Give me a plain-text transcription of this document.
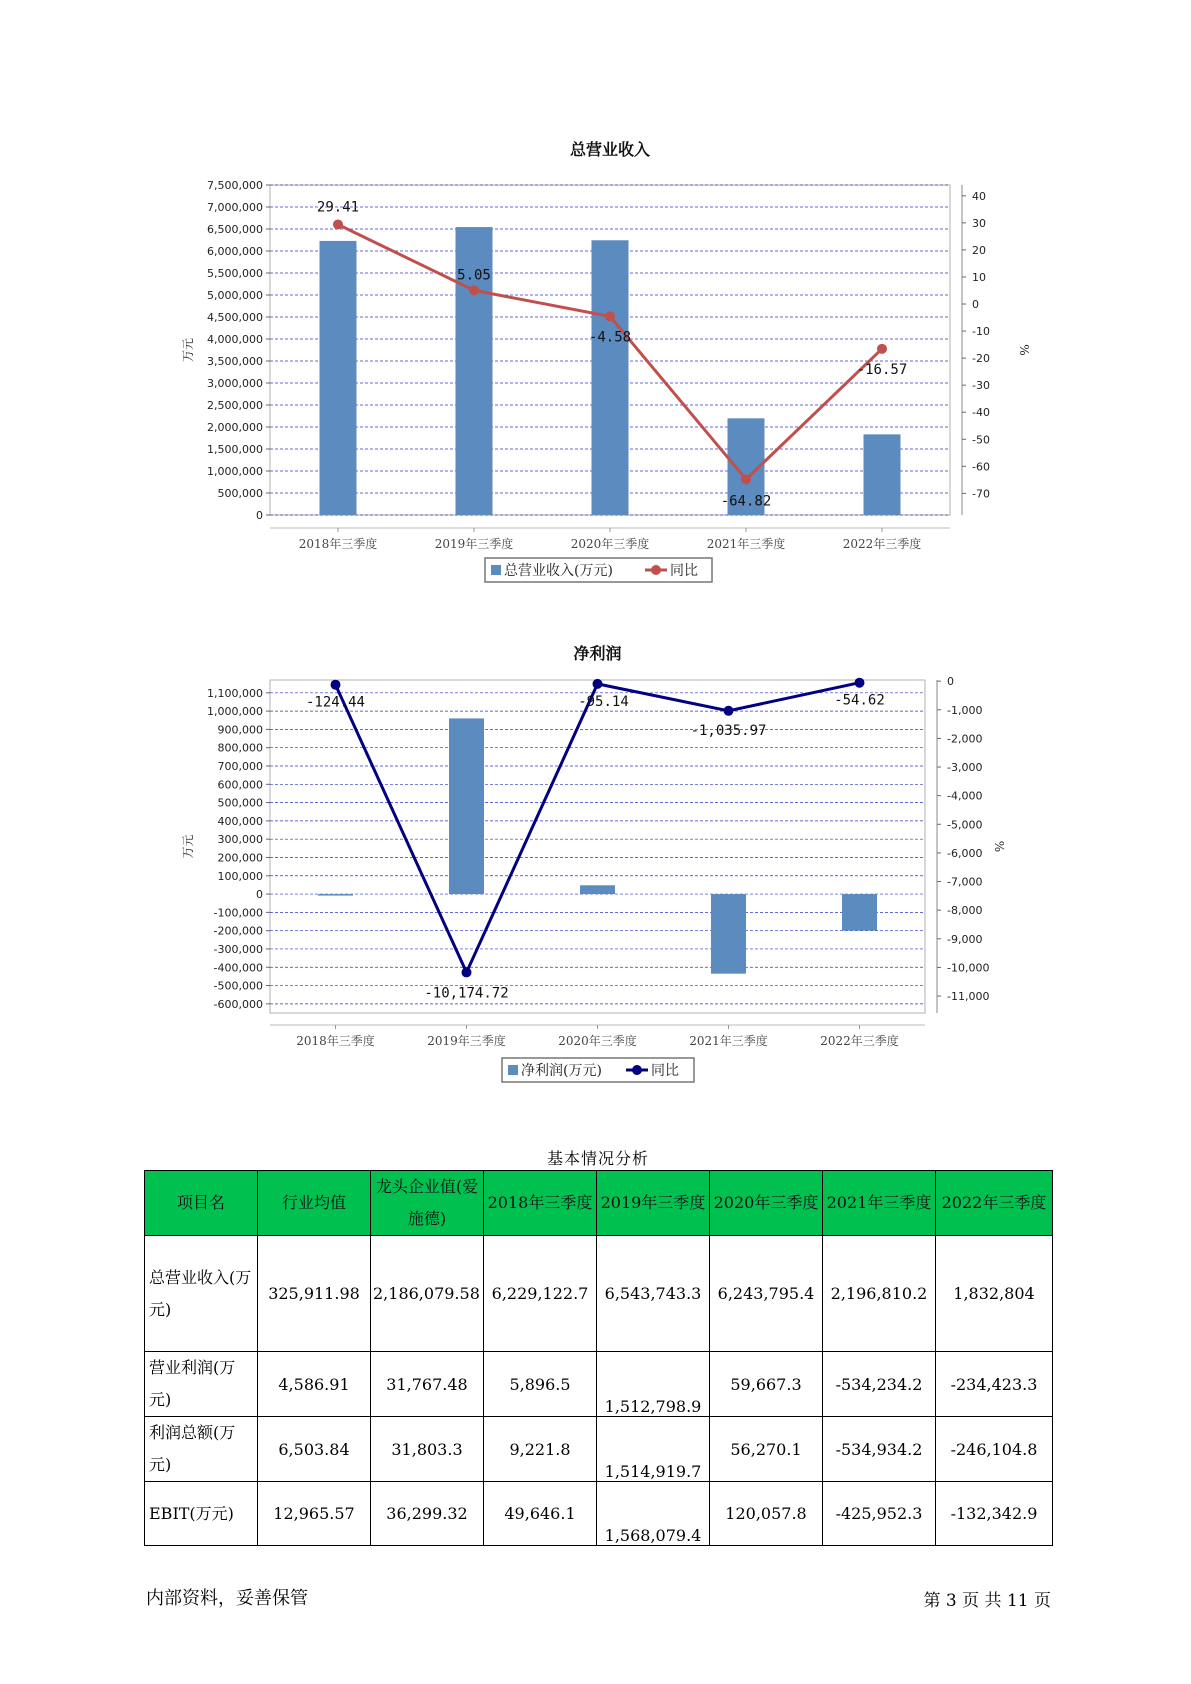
总营业收入
0
500,000
1,000,000
1,500,000
2,000,000
2,500,000
3,000,000
3,500,000
4,000,000
4,500,000
5,000,000
5,500,000
6,000,000
6,500,000
7,000,000
7,500,000
40
30
20
10
0
-10
-20
-30
-40
-50
-60
-70
万元	%
2018年三季度	2019年三季度	2020年三季度	2021年三季度	2022年三季度
29.41
5.05
-4.58
-64.82
-16.57
总营业收入(万元)	同比
净利润
1,100,000
1,000,000
900,000
800,000
700,000
600,000
500,000
400,000
300,000
200,000
100,000
0
-100,000
-200,000
-300,000
-400,000
-500,000
-600,000
0
-1,000
-2,000
-3,000
-4,000
-5,000
-6,000
-7,000
-8,000
-9,000
-10,000
-11,000
万元	%
2018年三季度	2019年三季度	2020年三季度	2021年三季度	2022年三季度
-124.44
-10,174.72
-95.14
-1,035.97
-54.62
净利润(万元)	同比
基本情况分析
项目名	行业均值	龙头企业值(爱施德)	2018年三季度	2019年三季度	2020年三季度	2021年三季度	2022年三季度
总营业收入(万元)	325,911.98	2,186,079.58	6,229,122.7	6,543,743.3	6,243,795.4	2,196,810.2	1,832,804
营业利润(万元)	4,586.91	31,767.48	5,896.5	1,512,798.9	59,667.3	-534,234.2	-234,423.3
利润总额(万元)	6,503.84	31,803.3	9,221.8	1,514,919.7	56,270.1	-534,934.2	-246,104.8
EBIT(万元)	12,965.57	36,299.32	49,646.1	1,568,079.4	120,057.8	-425,952.3	-132,342.9
内部资料，妥善保管	第 3 页 共 11 页
